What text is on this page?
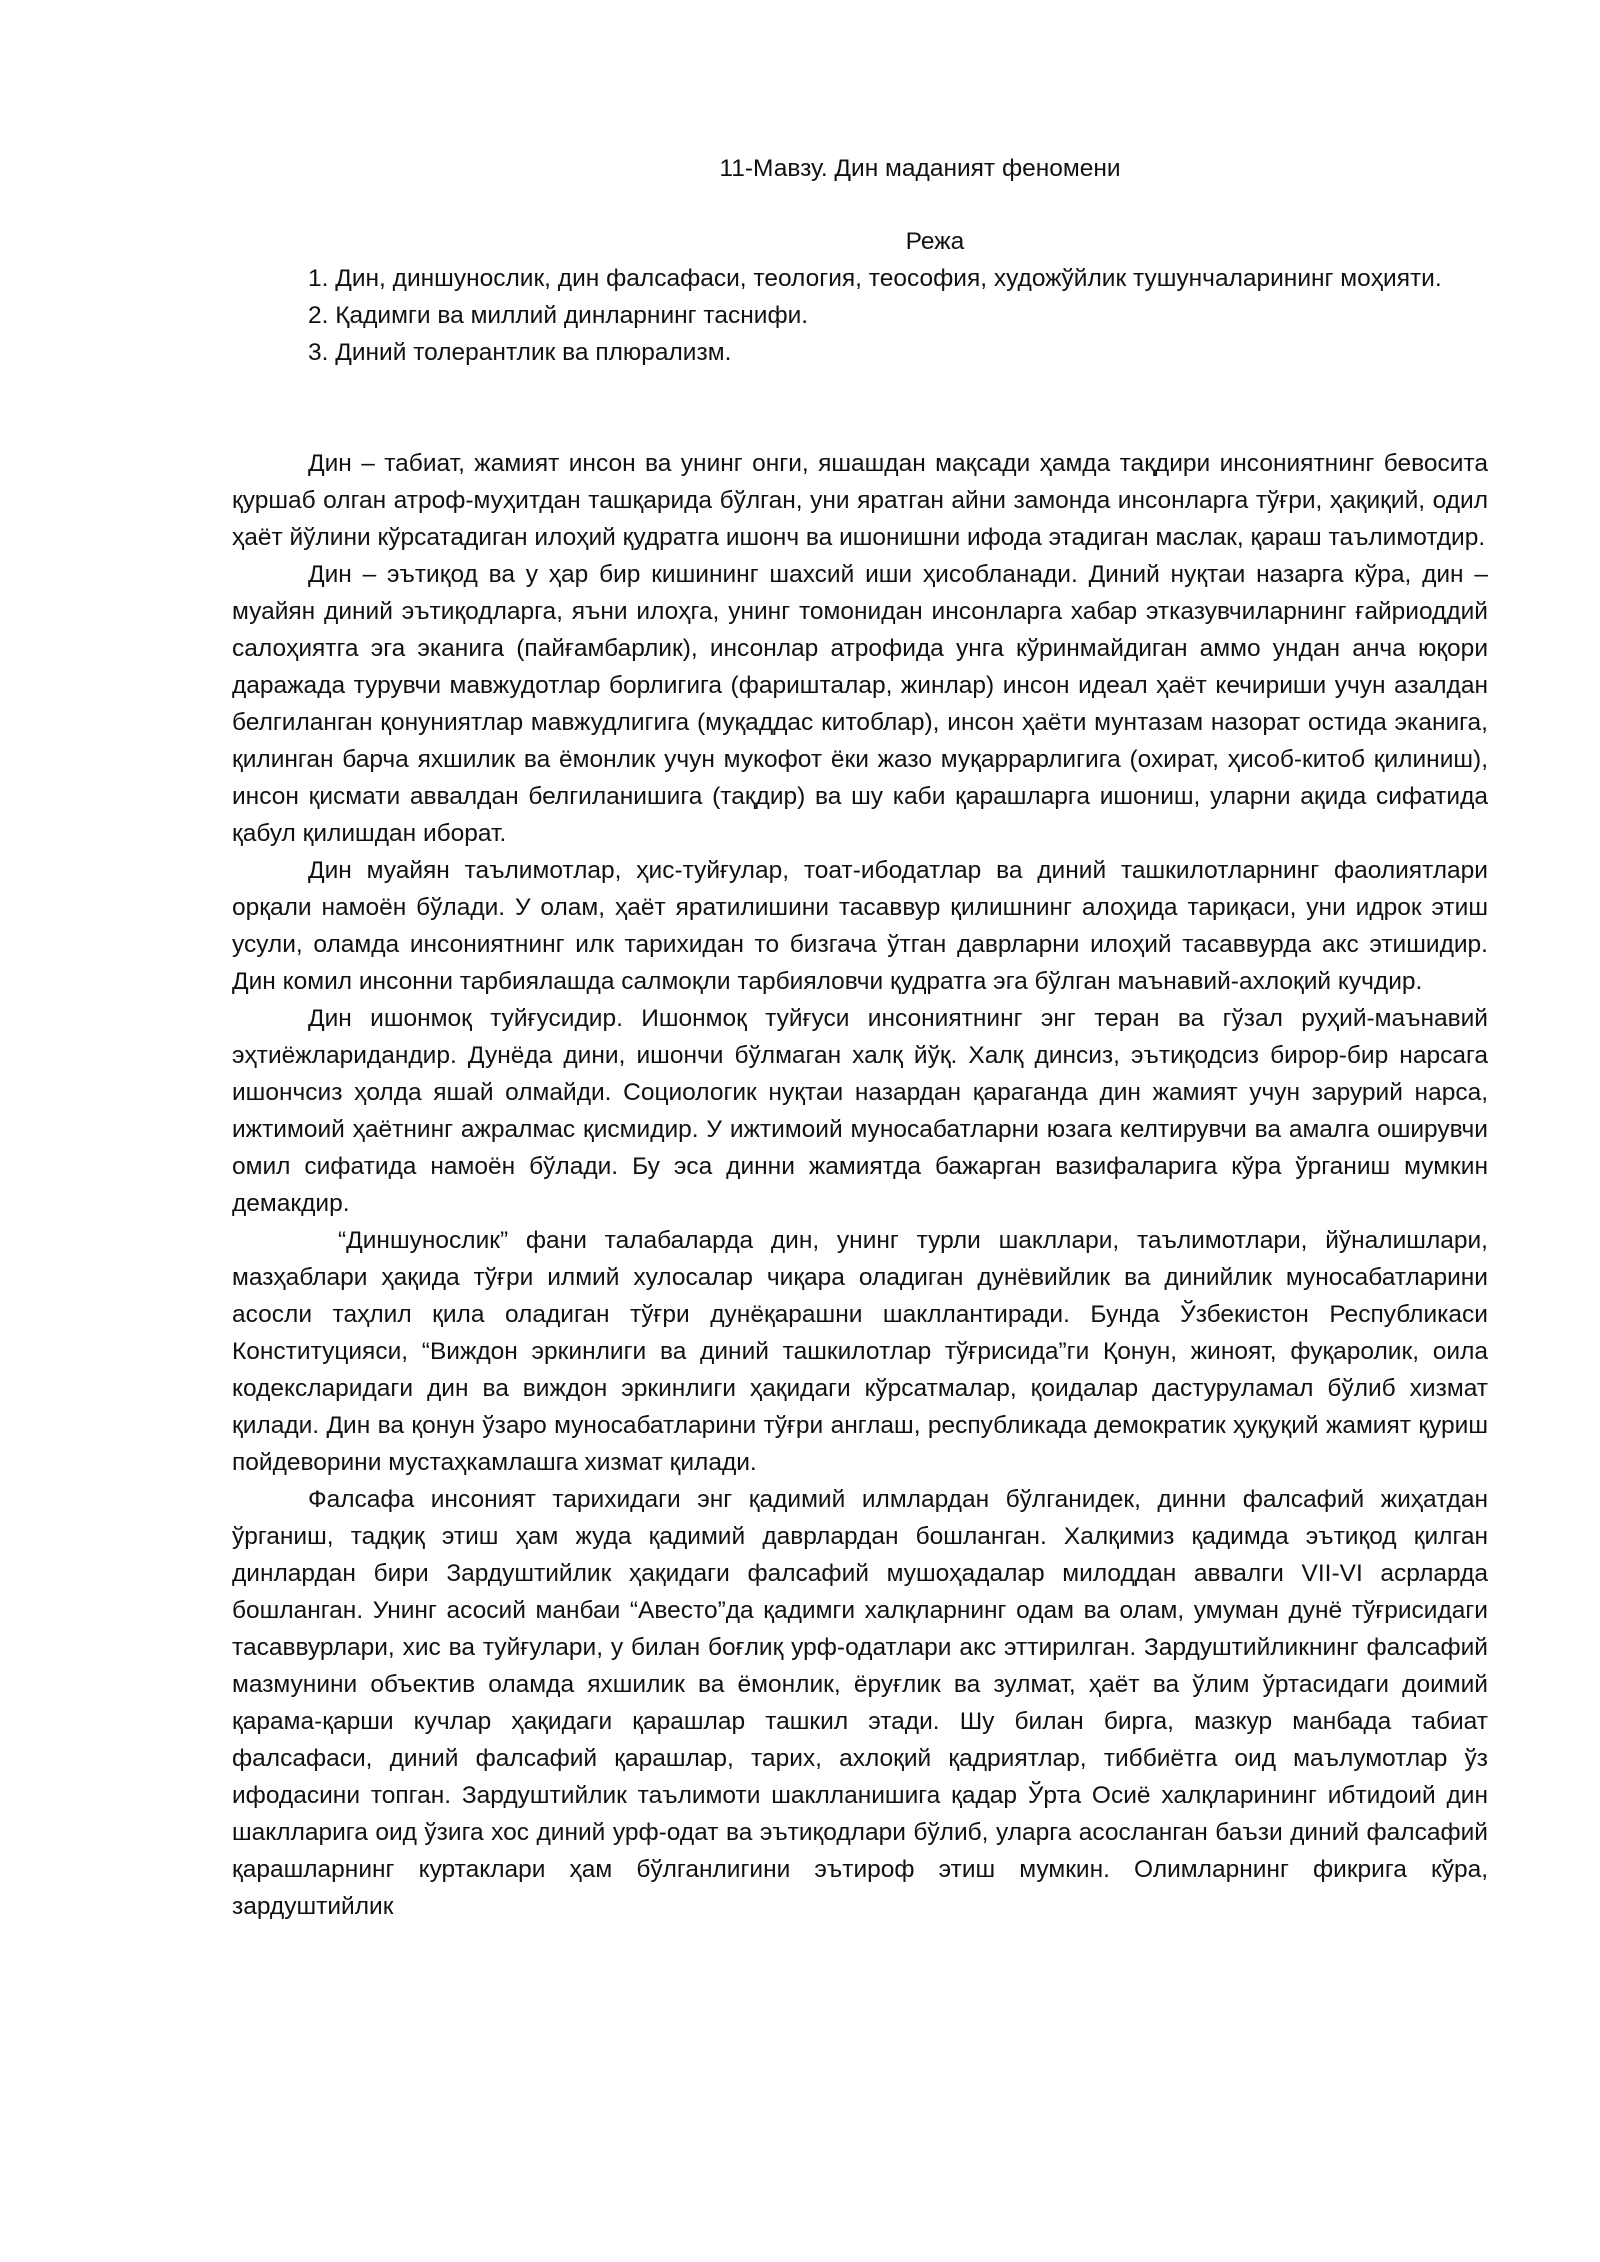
11-Мавзу. Дин маданият феномени
Режа
1. Дин, диншунослик, дин фалсафаси, теология, теософия, художўйлик тушунчаларининг моҳияти.
2. Қадимги ва миллий динларнинг таснифи.
3. Диний толерантлик ва плюрализм.

Дин – табиат, жамият инсон ва унинг онги, яшашдан мақсади ҳамда тақдири инсониятнинг бевосита қуршаб олган атроф-муҳитдан ташқарида бўлган, уни яратган айни замонда инсонларга тўғри, ҳақиқий, одил ҳаёт йўлини кўрсатадиган илоҳий қудратга ишонч ва ишонишни ифода этадиган маслак, қараш таълимотдир.

Дин – эътиқод ва у ҳар бир кишининг шахсий иши ҳисобланади. Диний нуқтаи назарга кўра, дин – муайян диний эътиқодларга, яъни илоҳга, унинг томонидан инсонларга хабар этказувчиларнинг ғайриоддий салоҳиятга эга эканига (пайғамбарлик), инсонлар атрофида унга кўринмайдиган аммо ундан анча юқори даражада турувчи мавжудотлар борлигига (фаришталар, жинлар) инсон идеал ҳаёт кечириши учун азалдан белгиланган қонуниятлар мавжудлигига (муқаддас китоблар), инсон ҳаёти мунтазам назорат остида эканига, қилинган барча яхшилик ва ёмонлик учун мукофот ёки жазо муқаррарлигига (охират, ҳисоб-китоб қилиниш), инсон қисмати аввалдан белгиланишига (тақдир) ва шу каби қарашларга ишониш, уларни ақида сифатида қабул қилишдан иборат.

Дин муайян таълимотлар, ҳис-туйғулар, тоат-ибодатлар ва диний ташкилотларнинг фаолиятлари орқали намоён бўлади. У олам, ҳаёт яратилишини тасаввур қилишнинг алоҳида тариқаси, уни идрок этиш усули, оламда инсониятнинг илк тарихидан то бизгача ўтган даврларни илоҳий тасаввурда акс этишидир. Дин комил инсонни тарбиялашда салмоқли тарбияловчи қудратга эга бўлган маънавий-ахлоқий кучдир.

Дин ишонмоқ туйғусидир. Ишонмоқ туйғуси инсониятнинг энг теран ва гўзал руҳий-маънавий эҳтиёжларидандир. Дунёда дини, ишончи бўлмаган халқ йўқ. Халқ динсиз, эътиқодсиз бирор-бир нарсага ишончсиз ҳолда яшай олмайди. Социологик нуқтаи назардан қараганда дин жамият учун зарурий нарса, ижтимоий ҳаётнинг ажралмас қисмидир. У ижтимоий муносабатларни юзага келтирувчи ва амалга оширувчи омил сифатида намоён бўлади. Бу эса динни жамиятда бажарган вазифаларига кўра ўрганиш мумкин демакдир.

“Диншунослик” фани талабаларда дин, унинг турли шакллари, таълимотлари, йўналишлари, мазҳаблари ҳақида тўғри илмий хулосалар чиқара оладиган дунёвийлик ва динийлик муносабатларини асосли таҳлил қила оладиган тўғри дунёқарашни шакллантиради. Бунда Ўзбекистон Республикаси Конституцияси, “Виждон эркинлиги ва диний ташкилотлар тўғрисида”ги Қонун, жиноят, фуқаролик, оила кодексларидаги дин ва виждон эркинлиги ҳақидаги кўрсатмалар, қоидалар дастуруламал бўлиб хизмат қилади. Дин ва қонун ўзаро муносабатларини тўғри англаш, республикада демократик ҳуқуқий жамият қуриш пойдеворини мустаҳкамлашга хизмат қилади.

Фалсафа инсоният тарихидаги энг қадимий илмлардан бўлганидек, динни фалсафий жиҳатдан ўрганиш, тадқиқ этиш ҳам жуда қадимий даврлардан бошланган. Халқимиз қадимда эътиқод қилган динлардан бири Зардуштийлик ҳақидаги фалсафий мушоҳадалар милоддан аввалги VII-VI асрларда бошланган. Унинг асосий манбаи “Авесто”да қадимги халқларнинг одам ва олам, умуман дунё тўғрисидаги тасаввурлари, хис ва туйғулари, у билан боғлиқ урф-одатлари акс эттирилган. Зардуштийликнинг фалсафий мазмунини объектив оламда яхшилик ва ёмонлик, ёруғлик ва зулмат, ҳаёт ва ўлим ўртасидаги доимий қарама-қарши кучлар ҳақидаги қарашлар ташкил этади. Шу билан бирга, мазкур манбада табиат фалсафаси, диний фалсафий қарашлар, тарих, ахлоқий қадриятлар, тиббиётга оид маълумотлар ўз ифодасини топган. Зардуштийлик таълимоти шаклланишига қадар Ўрта Осиё халқларининг ибтидоий дин шаклларига оид ўзига хос диний урф-одат ва эътиқодлари бўлиб, уларга асосланган баъзи диний фалсафий қарашларнинг куртаклари ҳам бўлганлигини эътироф этиш мумкин. Олимларнинг фикрига кўра, зардуштийлик
